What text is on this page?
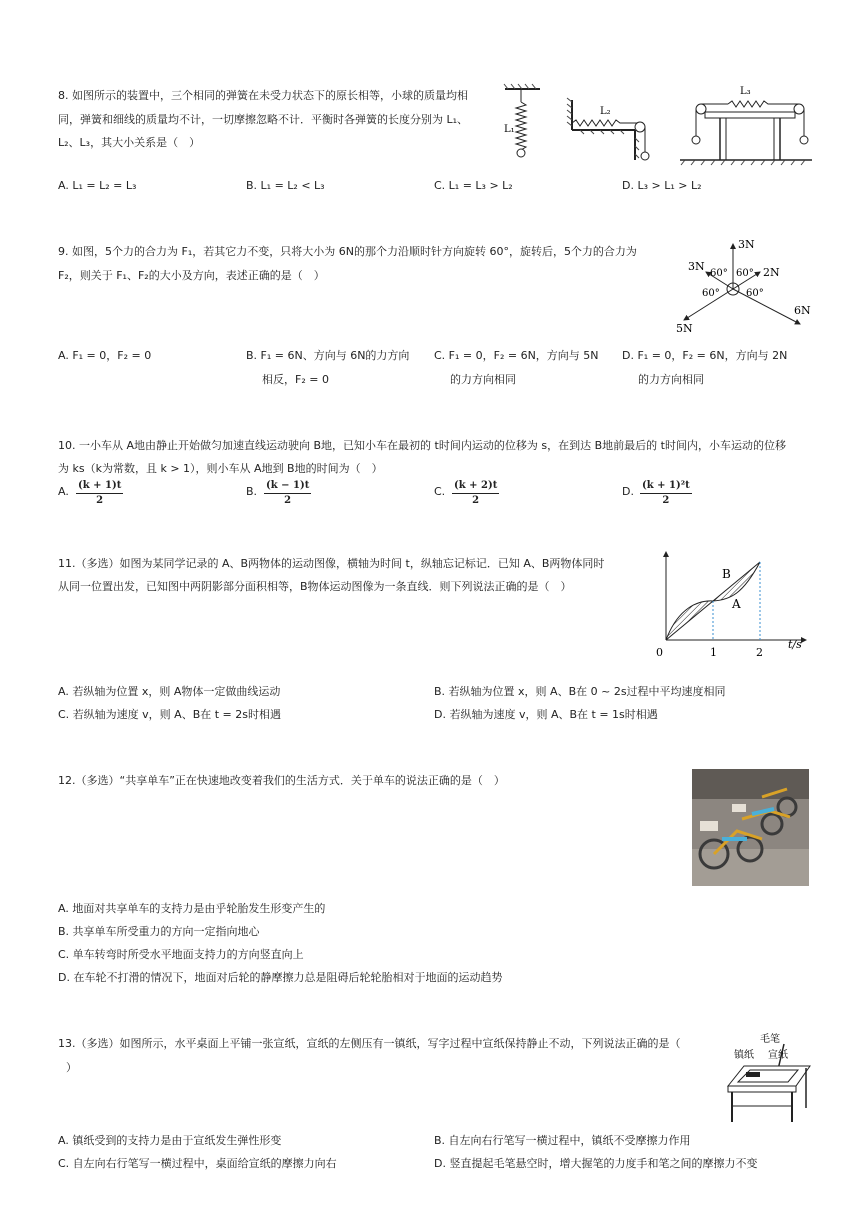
8. 如图所示的装置中，三个相同的弹簧在未受力状态下的原长相等，小球的质量均相
同，弹簧和细线的质量均不计，一切摩擦忽略不计．平衡时各弹簧的长度分别为 L₁、
L₂、L₃，其大小关系是（　）
L₁
L₂
L₃
A. L₁ = L₂ = L₃	B. L₁ = L₂ < L₃	C. L₁ = L₃ > L₂	D. L₃ > L₁ > L₂
9. 如图，5个力的合力为 F₁，若其它力不变，只将大小为 6N的那个力沿顺时针方向旋转 60°，旋转后，5个力的合力为
F₂，则关于 F₁、F₂的大小及方向，表述正确的是（　）
3N
3N	2N
6N
5N
60° 60°
60°	60°
A. F₁ = 0，F₂ = 0	B. F₁ = 6N、方向与 6N的力方向
相反，F₂ = 0
C. F₁ = 0，F₂ = 6N，方向与 5N
的力方向相同
D. F₁ = 0，F₂ = 6N，方向与 2N
的力方向相同
10. 一小车从 A地由静止开始做匀加速直线运动驶向 B地，已知小车在最初的 t时间内运动的位移为 s，在到达 B地前最后的 t时间内，小车运动的位移
为 ks（k为常数，且 k > 1），则小车从 A地到 B地的时间为（　）
A. $\frac{(k + 1)t}{2}$	B. $\frac{(k - 1)t}{2}$	C. $\frac{(k + 2)t}{2}$	D. $\frac{\text{(k + 1)²t}}{2}$
11.（多选）如图为某同学记录的 A、B两物体的运动图像，横轴为时间 t，纵轴忘记标记．已知 A、B两物体同时
从同一位置出发，已知图中两阴影部分面积相等，B物体运动图像为一条直线．则下列说法正确的是（　）
B
A
0	1	2
t/s
A. 若纵轴为位置 x，则 A物体一定做曲线运动	B. 若纵轴为位置 x，则 A、B在 0 ~ 2s过程中平均速度相同
C. 若纵轴为速度 v，则 A、B在 t = 2s时相遇	D. 若纵轴为速度 v，则 A、B在 t = 1s时相遇
12.（多选）“共享单车”正在快速地改变着我们的生活方式．关于单车的说法正确的是（　）
A. 地面对共享单车的支持力是由乎轮胎发生形变产生的
B. 共享单车所受重力的方向一定指向地心
C. 单车转弯时所受水平地面支持力的方向竖直向上
D. 在车轮不打滑的情况下，地面对后轮的静摩擦力总是阻碍后轮轮胎相对于地面的运动趋势
13.（多选）如图所示，水平桌面上平铺一张宣纸，宣纸的左侧压有一镇纸，写字过程中宣纸保持静止不动，下列说法正确的是（
）
毛笔
镇纸 宣纸
A. 镇纸受到的支持力是由于宣纸发生弹性形变	B. 自左向右行笔写一横过程中，镇纸不受摩擦力作用
C. 自左向右行笔写一横过程中，桌面给宣纸的摩擦力向右	D. 竖直提起毛笔悬空时，增大握笔的力度手和笔之间的摩擦力不变
